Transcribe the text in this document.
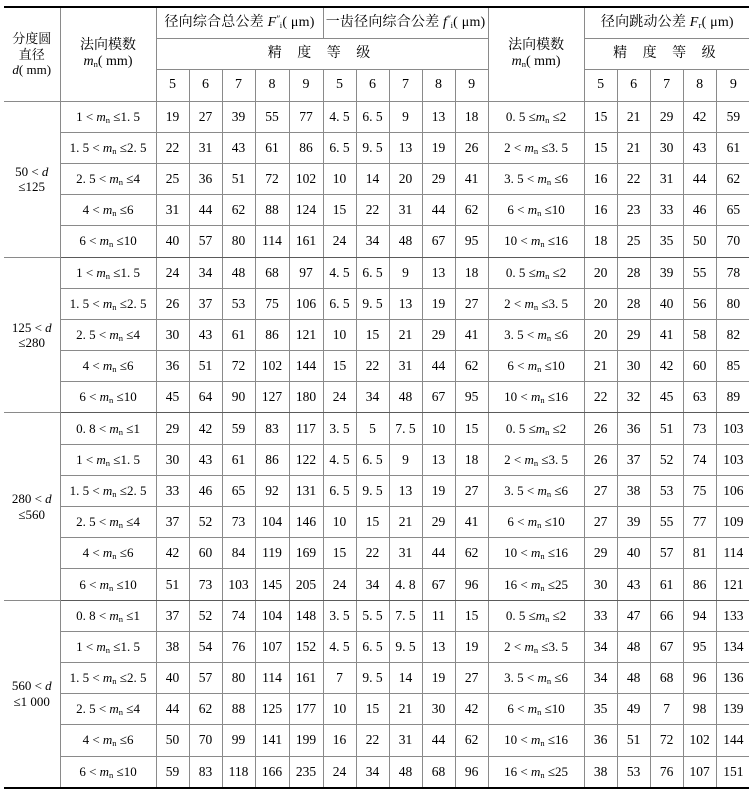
分度圆
直径
d( mm)

法向模数
$m_n$( mm)
	径向综合总公差 $F''_i$( μm)	一齿径向综合公差 $f''_i$( μm)	
法向模数
$m_n$( mm)
	径向跳动公差 $F_r$( μm)
		精 度 等 级											精 度 等 级				
		5	6	7	8	9	5	6	7	8	9		5	6	7	8	9

50 < d
≤125	$1 < m_n \le 1$. 5	19	27	39	55	77	4. 5	6. 5	9	13	18	0. $5 \le m_n \le 2$	15	21	29	42	59
	1. $5 < m_n \le 2$. 5	22	31	43	61	86	6. 5	9. 5	13	19	26	$2 < m_n \le 3$. 5	15	21	30	43	61
	2. $5 < m_n \le 4$	25	36	51	72	102	10	14	20	29	41	3. $5 < m_n \le 6$	16	22	31	44	62
	$4 < m_n \le 6$	31	44	62	88	124	15	22	31	44	62	$6 < m_n \le 10$	16	23	33	46	65
	$6 < m_n \le 10$	40	57	80	114	161	24	34	48	67	95	$10 < m_n \le 16$	18	25	35	50	70

125 < d
≤280	$1 < m_n \le 1$. 5	24	34	48	68	97	4. 5	6. 5	9	13	18	0. $5 \le m_n \le 2$	20	28	39	55	78
	1. $5 < m_n \le 2$. 5	26	37	53	75	106	6. 5	9. 5	13	19	27	$2 < m_n \le 3$. 5	20	28	40	56	80
	2. $5 < m_n \le 4$	30	43	61	86	121	10	15	21	29	41	3. $5 < m_n \le 6$	20	29	41	58	82
	$4 < m_n \le 6$	36	51	72	102	144	15	22	31	44	62	$6 < m_n \le 10$	21	30	42	60	85
	$6 < m_n \le 10$	45	64	90	127	180	24	34	48	67	95	$10 < m_n \le 16$	22	32	45	63	89

280 < d
≤560	0. $8 < m_n \le 1$	29	42	59	83	117	3. 5	5	7. 5	10	15	0. $5 \le m_n \le 2$	26	36	51	73	103
	$1 < m_n \le 1$. 5	30	43	61	86	122	4. 5	6. 5	9	13	18	$2 < m_n \le 3$. 5	26	37	52	74	103
	1. $5 < m_n \le 2$. 5	33	46	65	92	131	6. 5	9. 5	13	19	27	3. $5 < m_n \le 6$	27	38	53	75	106
	2. $5 < m_n \le 4$	37	52	73	104	146	10	15	21	29	41	$6 < m_n \le 10$	27	39	55	77	109
	$4 < m_n \le 6$	42	60	84	119	169	15	22	31	44	62	$10 < m_n \le 16$	29	40	57	81	114
	$6 < m_n \le 10$	51	73	103	145	205	24	34	4. 8	67	96	$16 < m_n \le 25$	30	43	61	86	121

560 < d
≤1 000	0. $8 < m_n \le 1$	37	52	74	104	148	3. 5	5. 5	7. 5	11	15	0. $5 \le m_n \le 2$	33	47	66	94	133
	$1 < m_n \le 1$. 5	38	54	76	107	152	4. 5	6. 5	9. 5	13	19	$2 < m_n \le 3$. 5	34	48	67	95	134
	1. $5 < m_n \le 2$. 5	40	57	80	114	161	7	9. 5	14	19	27	3. $5 < m_n \le 6$	34	48	68	96	136
	2. $5 < m_n \le 4$	44	62	88	125	177	10	15	21	30	42	$6 < m_n \le 10$	35	49	7	98	139
	$4 < m_n \le 6$	50	70	99	141	199	16	22	31	44	62	$10 < m_n \le 16$	36	51	72	102	144
	$6 < m_n \le 10$	59	83	118	166	235	24	34	48	68	96	$16 < m_n \le 25$	38	53	76	107	151
